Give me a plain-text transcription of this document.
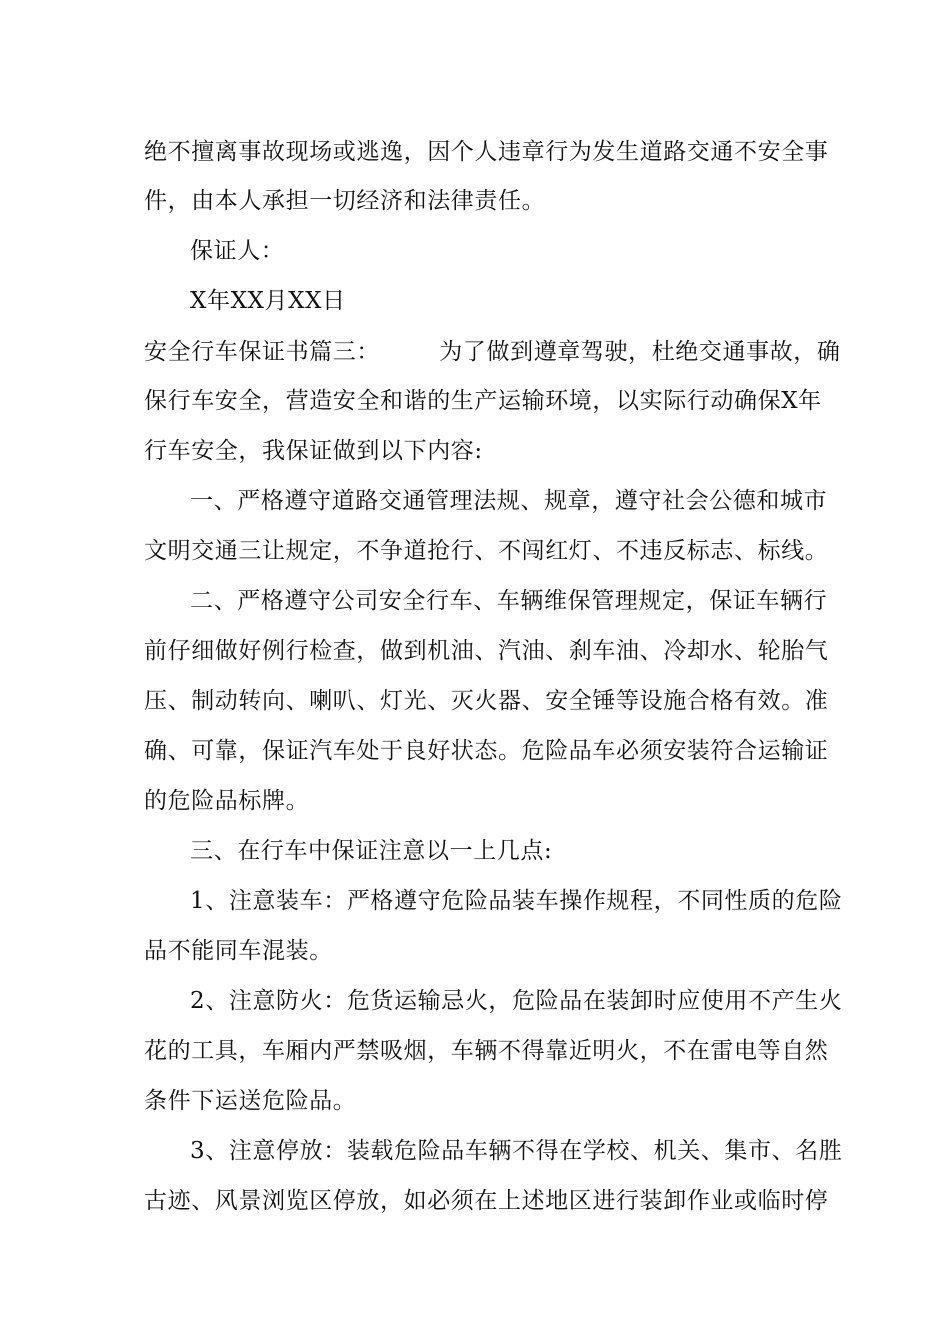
绝不擅离事故现场或逃逸，因个人违章行为发生道路交通不安全事
件，由本人承担一切经济和法律责任。
保证人：
X年XX月XX日
安全行车保证书篇三：　　　为了做到遵章驾驶，杜绝交通事故，确
保行车安全，营造安全和谐的生产运输环境，以实际行动确保X年
行车安全，我保证做到以下内容:
一、严格遵守道路交通管理法规、规章，遵守社会公德和城市
文明交通三让规定，不争道抢行、不闯红灯、不违反标志、标线。
二、严格遵守公司安全行车、车辆维保管理规定，保证车辆行
前仔细做好例行检查，做到机油、汽油、刹车油、冷却水、轮胎气
压、制动转向、喇叭、灯光、灭火器、安全锤等设施合格有效。准
确、可靠，保证汽车处于良好状态。危险品车必须安装符合运输证
的危险品标牌。
三、在行车中保证注意以一上几点:
1、注意装车：严格遵守危险品装车操作规程，不同性质的危险
品不能同车混装。
2、注意防火：危货运输忌火，危险品在装卸时应使用不产生火
花的工具，车厢内严禁吸烟，车辆不得靠近明火，不在雷电等自然
条件下运送危险品。
3、注意停放：装载危险品车辆不得在学校、机关、集市、名胜
古迹、风景浏览区停放，如必须在上述地区进行装卸作业或临时停
